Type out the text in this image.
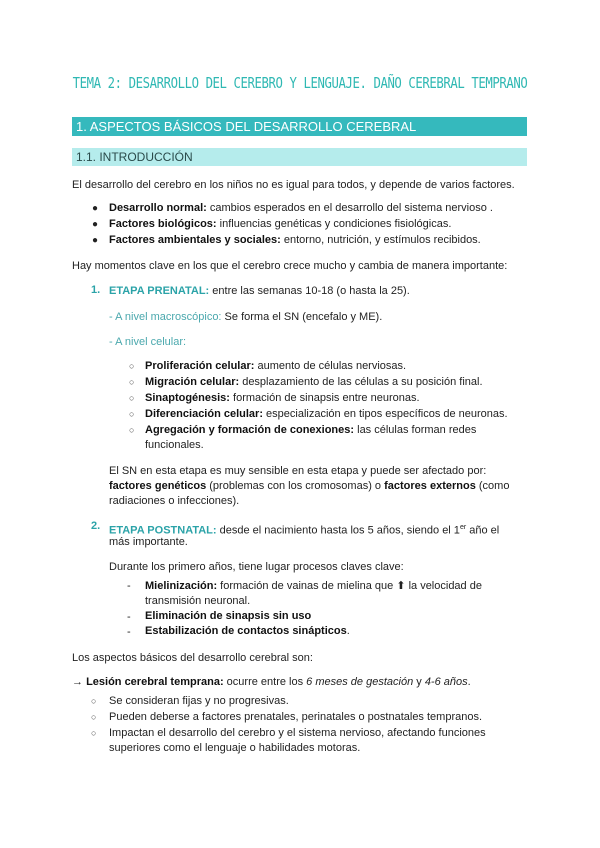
TEMA 2: DESARROLLO DEL CEREBRO Y LENGUAJE. DAÑO CEREBRAL TEMPRANO
1. ASPECTOS BÁSICOS DEL DESARROLLO CEREBRAL
1.1. INTRODUCCIÓN

El desarrollo del cerebro en los niños no es igual para todos, y depende de varios factores.

● Desarrollo normal: cambios esperados en el desarrollo del sistema nervioso .

● Factores biológicos: influencias genéticas y condiciones fisiológicas.

● Factores ambientales y sociales: entorno, nutrición, y estímulos recibidos.

Hay momentos clave en los que el cerebro crece mucho y cambia de manera importante:

1. ETAPA PRENATAL: entre las semanas 10-18 (o hasta la 25).

- A nivel macroscópico: Se forma el SN (encefalo y ME).

- A nivel celular:

○ Proliferación celular: aumento de células nerviosas.

○ Migración celular: desplazamiento de las células a su posición final.

○ Sinaptogénesis: formación de sinapsis entre neuronas.

○ Diferenciación celular: especialización en tipos específicos de neuronas.

○ Agregación y formación de conexiones: las células forman redes

funcionales.

El SN en esta etapa es muy sensible en esta etapa y puede ser afectado por:

factores genéticos (problemas con los cromosomas) o factores externos (como

radiaciones o infecciones).

2. ETAPA POSTNATAL: desde el nacimiento hasta los 5 años, siendo el 1er año el

más importante.

Durante los primero años, tiene lugar procesos claves clave:

- Mielinización: formación de vainas de mielina que ⬆ la velocidad de

transmisión neuronal.

- Eliminación de sinapsis sin uso

- Estabilización de contactos sinápticos.

Los aspectos básicos del desarrollo cerebral son:

→ Lesión cerebral temprana: ocurre entre los 6 meses de gestación y 4-6 años.

○ Se consideran fijas y no progresivas.

○ Pueden deberse a factores prenatales, perinatales o postnatales tempranos.

○ Impactan el desarrollo del cerebro y el sistema nervioso, afectando funciones

superiores como el lenguaje o habilidades motoras.
